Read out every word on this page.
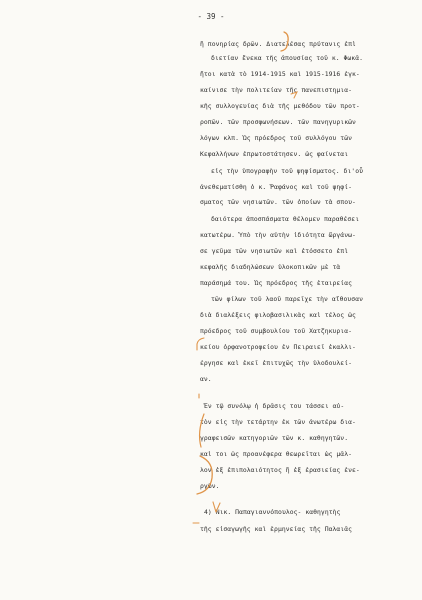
- 39 -
ἢ πονηρίας δρῶν. Διατελέσας πρύτανις ἐπὶ
διετίαν ἕνεκα τῆς ἀπουσίας τοῦ κ. Φωκᾶ.
ἤτοι κατὰ τὸ 1914-1915 καὶ 1915-1916 ἐγκ-
καίνισε τὴν πολιτείαν τῆς πανεπιστημια-
κῆς συλλογευίας διὰ τῆς μεθόδου τῶν προτ-
ροπῶν. τῶν προσφωνήσεων. τῶν πανηγυρικῶν
λόγων κλπ. Ὡς πρόεδρος τοῦ συλλόγου τῶν
Κεφαλλήνων ἐπρωτοστάτησεν. ὡς φαίνεται
εἰς τὴν ὑπογραφὴν τοῦ ψηφίσματος. δι'οὗ
ἀνεθεματίσθη ὁ κ. Ῥαφάνος καὶ τοῦ ψηφί-
σματος τῶν νησιωτῶν. τῶν ὁποίων τὰ σπου-
δαιότερα ἀποσπάσματα θέλομεν παραθέσει
κατωτέρω. Ὑπὸ τὴν αὐτὴν ἰδιότητα ὤργάνω-
σε γεῦμα τῶν νησιωτῶν καὶ ἐτόσσετο ἐπὶ
κεφαλῆς διαδηλώσεων ὑλοκοπικῶν μὲ τὰ
παράσημά του. Ὡς πρόεδρος τῆς ἑταιρείας
τῶν φίλων τοῦ λαοῦ παρεῖχε τὴν αἴθουσαν
διὰ διαλέξεις φιλοβασιλικὰς καὶ τέλος ὡς
πρόεδρος τοῦ συμβουλίου τοῦ Χατζηκυρια-
κείου ὀρφανοτροφείου ἐν Πειραιεῖ ἐκαλλι-
έργησε καὶ ἐκεῖ ἐπιτυχῶς τὴν ὑλοδουλεί-
αν.
Ἐν τῷ συνόλῳ ἡ δρᾶσις του τάσσει αὐ-
τὸν εἰς τὴν τετάρτην ἐκ τῶν ἀνωτέρω δια-
γραφεισῶν κατηγοριῶν τῶν κ. καθηγητῶν.
καὶ τοι ὡς προανέφερα θεωρεῖται ὡς μᾶλ-
λον ἐξ ἐπιπολαιότητος ἢ ἐξ ἐρασιείας ἐνε-
ργῶν.
4) Νικ. Παπαγιαννόπουλος- καθηγητὴς
τῆς εἰσαγωγῆς καὶ ἑρμηνείας τῆς Παλαιᾶς
